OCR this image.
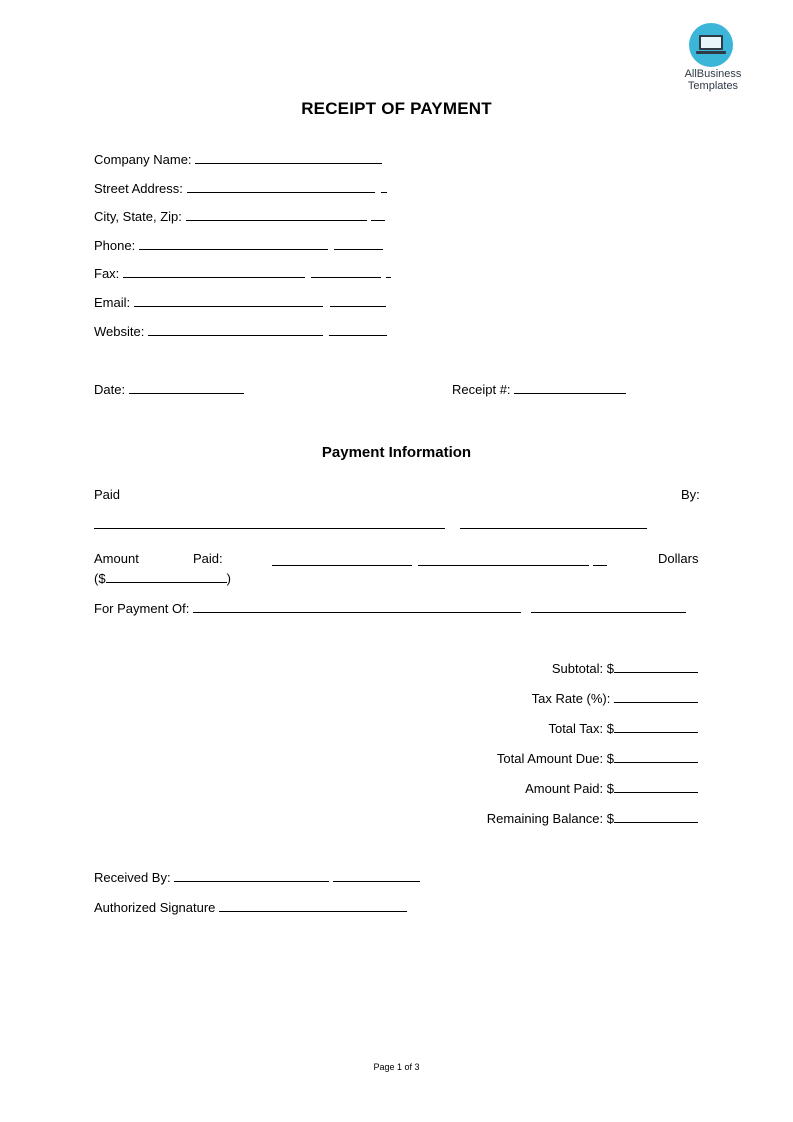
AllBusiness
Templates
RECEIPT OF PAYMENT
Company Name:
Street Address:
City, State, Zip:
Phone:
Fax:
Email:
Website:
Date:	Receipt #:
Payment Information
Paid	By:
Amount	Paid:	Dollars
($	)
For Payment Of:
Subtotal: $
Tax Rate (%):
Total Tax: $
Total Amount Due: $
Amount Paid: $
Remaining Balance: $
Received By:
Authorized Signature
Page 1 of 3
